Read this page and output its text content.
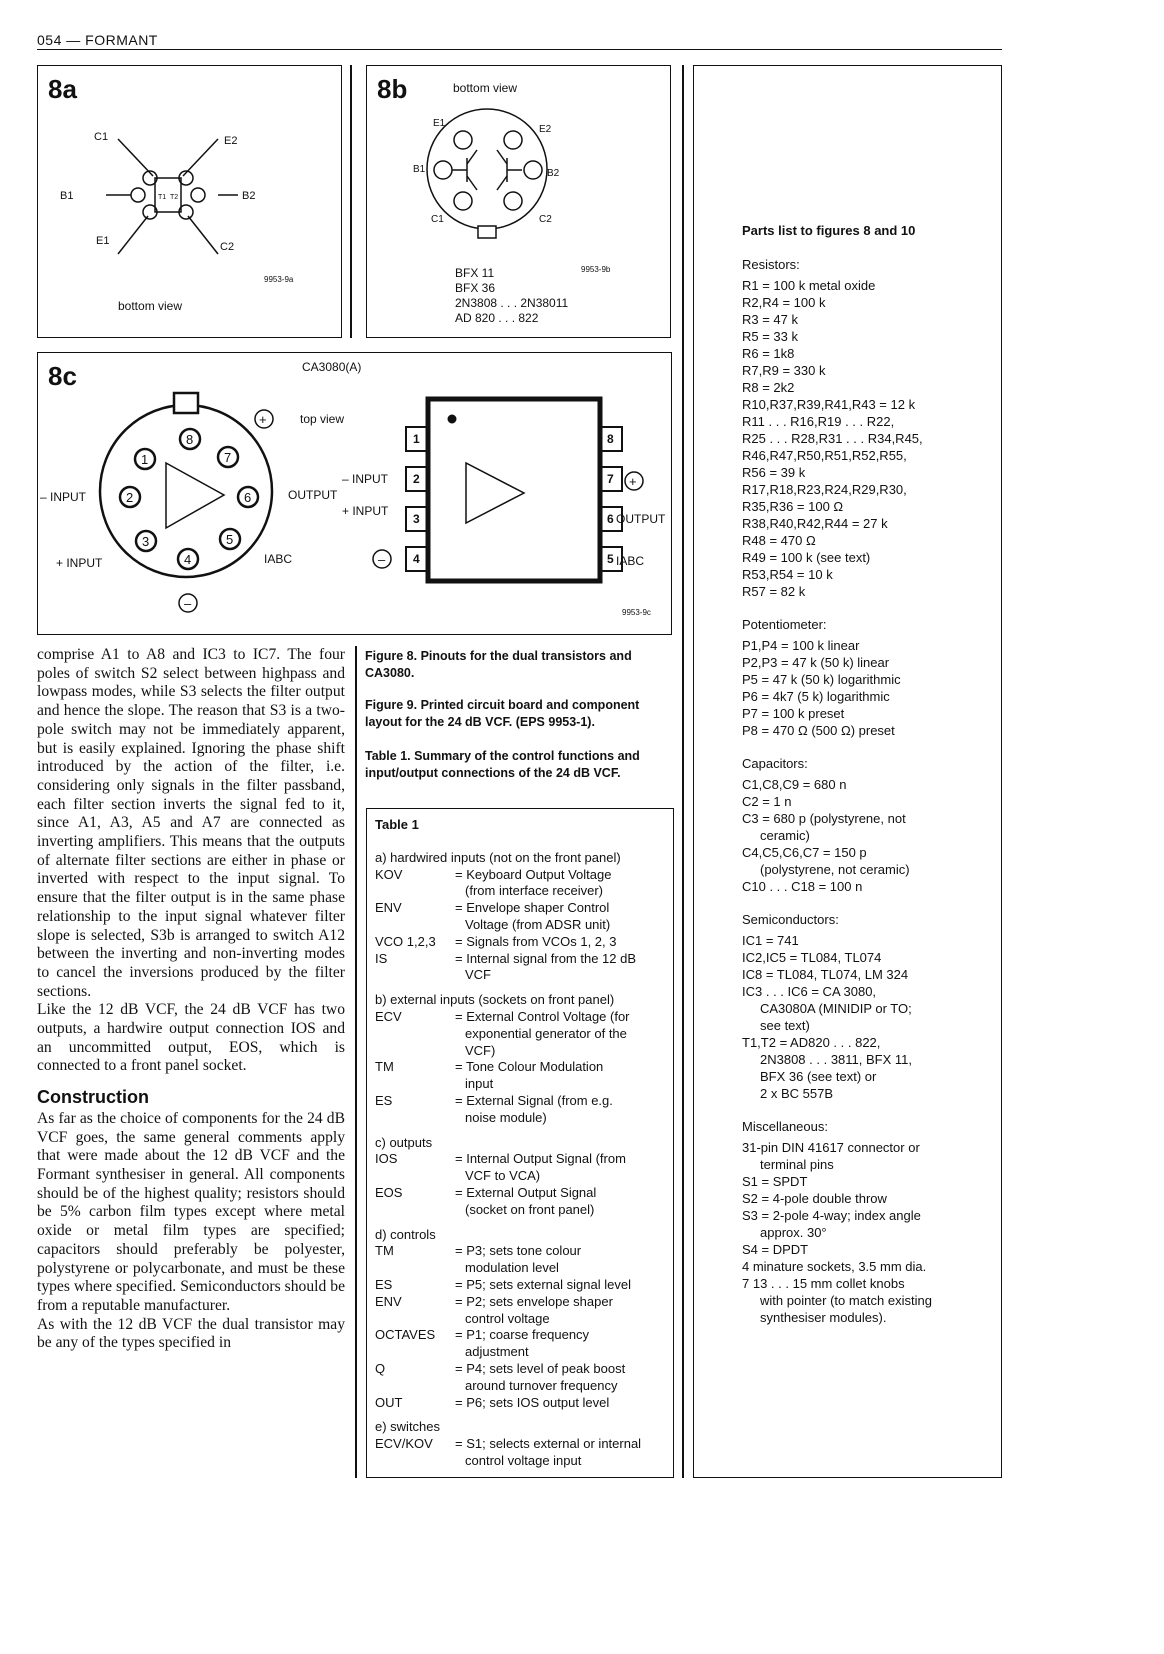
054 — FORMANT
8a
C1	E2
B1	B2
E1	C2
T1 T2
9953-9a
bottom view
8b	bottom view
E1
E2
B1	B2
C1	C2
9953-9b
BFX 11
BFX 36
2N3808 . . . 2N38011
AD 820 . . . 822
8c	CA3080(A)
top view
1
2
3
4
5
6
7
8
– INPUT
+ INPUT
OUTPUT
IABC
+
–
1
2
3
4	5
6
7
8
– INPUT
+ INPUT
OUTPUT
IABC
+
–
9953-9c

comprise A1 to A8 and IC3 to IC7. The four poles of switch S2 select between highpass and lowpass modes, while S3 selects the filter output and hence the slope. The reason that S3 is a two-pole switch may not be immediately apparent, but is easily explained. Ignoring the phase shift introduced by the action of the filter, i.e. considering only signals in the filter passband, each filter section inverts the signal fed to it, since A1, A3, A5 and A7 are connected as inverting amplifiers. This means that the outputs of alternate filter sections are either in phase or inverted with respect to the input signal. To ensure that the filter output is in the same phase relationship to the input signal whatever filter slope is selected, S3b is arranged to switch A12 between the inverting and non-inverting modes to cancel the inversions produced by the filter sections.

Like the 12 dB VCF, the 24 dB VCF has two outputs, a hardwire output connection IOS and an uncommitted output, EOS, which is connected to a front panel socket.

Construction

As far as the choice of components for the 24 dB VCF goes, the same general comments apply that were made about the 12 dB VCF and the Formant synthesiser in general. All components should be of the highest quality; resistors should be 5% carbon film types except where metal oxide or metal film types are specified; capacitors should preferably be polyester, polystyrene or polycarbonate, and must be these types where specified. Semiconductors should be from a reputable manufacturer.

As with the 12 dB VCF the dual transistor may be any of the types specified in

Figure 8. Pinouts for the dual transistors and CA3080.
Figure 9. Printed circuit board and component layout for the 24 dB VCF. (EPS 9953-1).
Table 1. Summary of the control functions and input/output connections of the 24 dB VCF.
Table 1
a) hardwired inputs (not on the front panel)
KOV	= Keyboard Output Voltage
(from interface receiver)
ENV	= Envelope shaper Control
Voltage (from ADSR unit)
VCO 1,2,3	= Signals from VCOs 1, 2, 3
IS	= Internal signal from the 12 dB
VCF
b) external inputs (sockets on front panel)
ECV	= External Control Voltage (for
exponential generator of the
VCF)
TM	= Tone Colour Modulation
input
ES	= External Signal (from e.g.
noise module)
c) outputs
IOS	= Internal Output Signal (from
VCF to VCA)
EOS	= External Output Signal
(socket on front panel)
d) controls
TM	= P3; sets tone colour
modulation level
ES	= P5; sets external signal level
ENV	= P2; sets envelope shaper
control voltage
OCTAVES	= P1; coarse frequency
adjustment
Q	= P4; sets level of peak boost
around turnover frequency
OUT	= P6; sets IOS output level
e) switches
ECV/KOV	= S1; selects external or internal
control voltage input
Parts list to figures 8 and 10
Resistors:
R1 = 100 k metal oxide
R2,R4 = 100 k
R3 = 47 k
R5 = 33 k
R6 = 1k8
R7,R9 = 330 k
R8 = 2k2
R10,R37,R39,R41,R43 = 12 k
R11 . . . R16,R19 . . . R22,
R25 . . . R28,R31 . . . R34,R45,
R46,R47,R50,R51,R52,R55,
R56 = 39 k
R17,R18,R23,R24,R29,R30,
R35,R36 = 100 Ω
R38,R40,R42,R44 = 27 k
R48 = 470 Ω
R49 = 100 k (see text)
R53,R54 = 10 k
R57 = 82 k
Potentiometer:
P1,P4 = 100 k linear
P2,P3 = 47 k (50 k) linear
P5 = 47 k (50 k) logarithmic
P6 = 4k7 (5 k) logarithmic
P7 = 100 k preset
P8 = 470 Ω (500 Ω) preset
Capacitors:
C1,C8,C9 = 680 n
C2 = 1 n
C3 = 680 p (polystyrene, not
ceramic)
C4,C5,C6,C7 = 150 p
(polystyrene, not ceramic)
C10 . . . C18 = 100 n
Semiconductors:
IC1 = 741
IC2,IC5 = TL084, TL074
IC8 = TL084, TL074, LM 324
IC3 . . . IC6 = CA 3080,
CA3080A (MINIDIP or TO;
see text)
T1,T2 = AD820 . . . 822,
2N3808 . . . 3811, BFX 11,
BFX 36 (see text) or
2 x BC 557B
Miscellaneous:
31-pin DIN 41617 connector or
terminal pins
S1 = SPDT
S2 = 4-pole double throw
S3 = 2-pole 4-way; index angle
approx. 30°
S4 = DPDT
4 minature sockets, 3.5 mm dia.
7 13 . . . 15 mm collet knobs
with pointer (to match existing
synthesiser modules).
